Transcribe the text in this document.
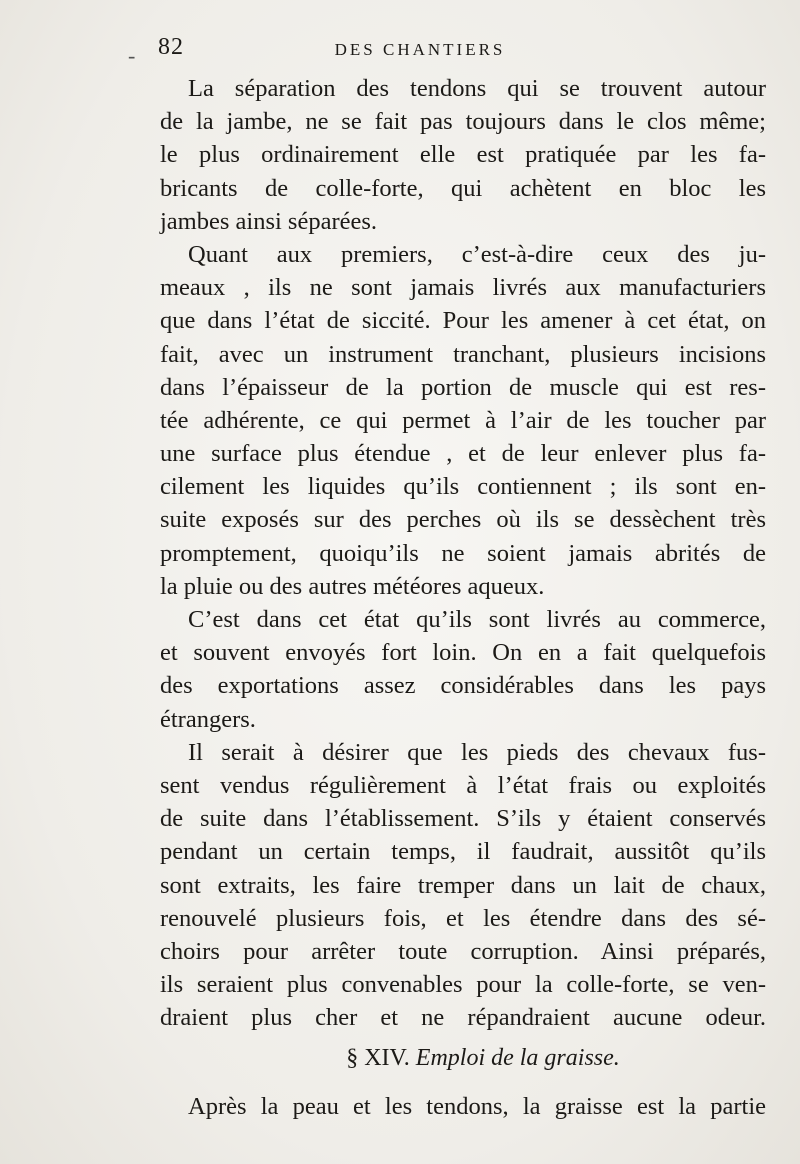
- 82	DES CHANTIERS

La séparation des tendons qui se trouvent autour
de la jambe, ne se fait pas toujours dans le clos même;
le plus ordinairement elle est pratiquée par les fa-
bricants de colle-forte, qui achètent en bloc les
jambes ainsi séparées.

Quant aux premiers, c’est-à-dire ceux des ju-
meaux , ils ne sont jamais livrés aux manufacturiers
que dans l’état de siccité. Pour les amener à cet état, on
fait, avec un instrument tranchant, plusieurs incisions
dans l’épaisseur de la portion de muscle qui est res-
tée adhérente, ce qui permet à l’air de les toucher par
une surface plus étendue , et de leur enlever plus fa-
cilement les liquides qu’ils contiennent ; ils sont en-
suite exposés sur des perches où ils se dessèchent très
promptement, quoiqu’ils ne soient jamais abrités de
la pluie ou des autres météores aqueux.

C’est dans cet état qu’ils sont livrés au commerce,
et souvent envoyés fort loin. On en a fait quelquefois
des exportations assez considérables dans les pays
étrangers.

Il serait à désirer que les pieds des chevaux fus-
sent vendus régulièrement à l’état frais ou exploités
de suite dans l’établissement. S’ils y étaient conservés
pendant un certain temps, il faudrait, aussitôt qu’ils
sont extraits, les faire tremper dans un lait de chaux,
renouvelé plusieurs fois, et les étendre dans des sé-
choirs pour arrêter toute corruption. Ainsi préparés,
ils seraient plus convenables pour la colle-forte, se ven-
draient plus cher et ne répandraient aucune odeur.

§ XIV. Emploi de la graisse.

Après la peau et les tendons, la graisse est la partie
